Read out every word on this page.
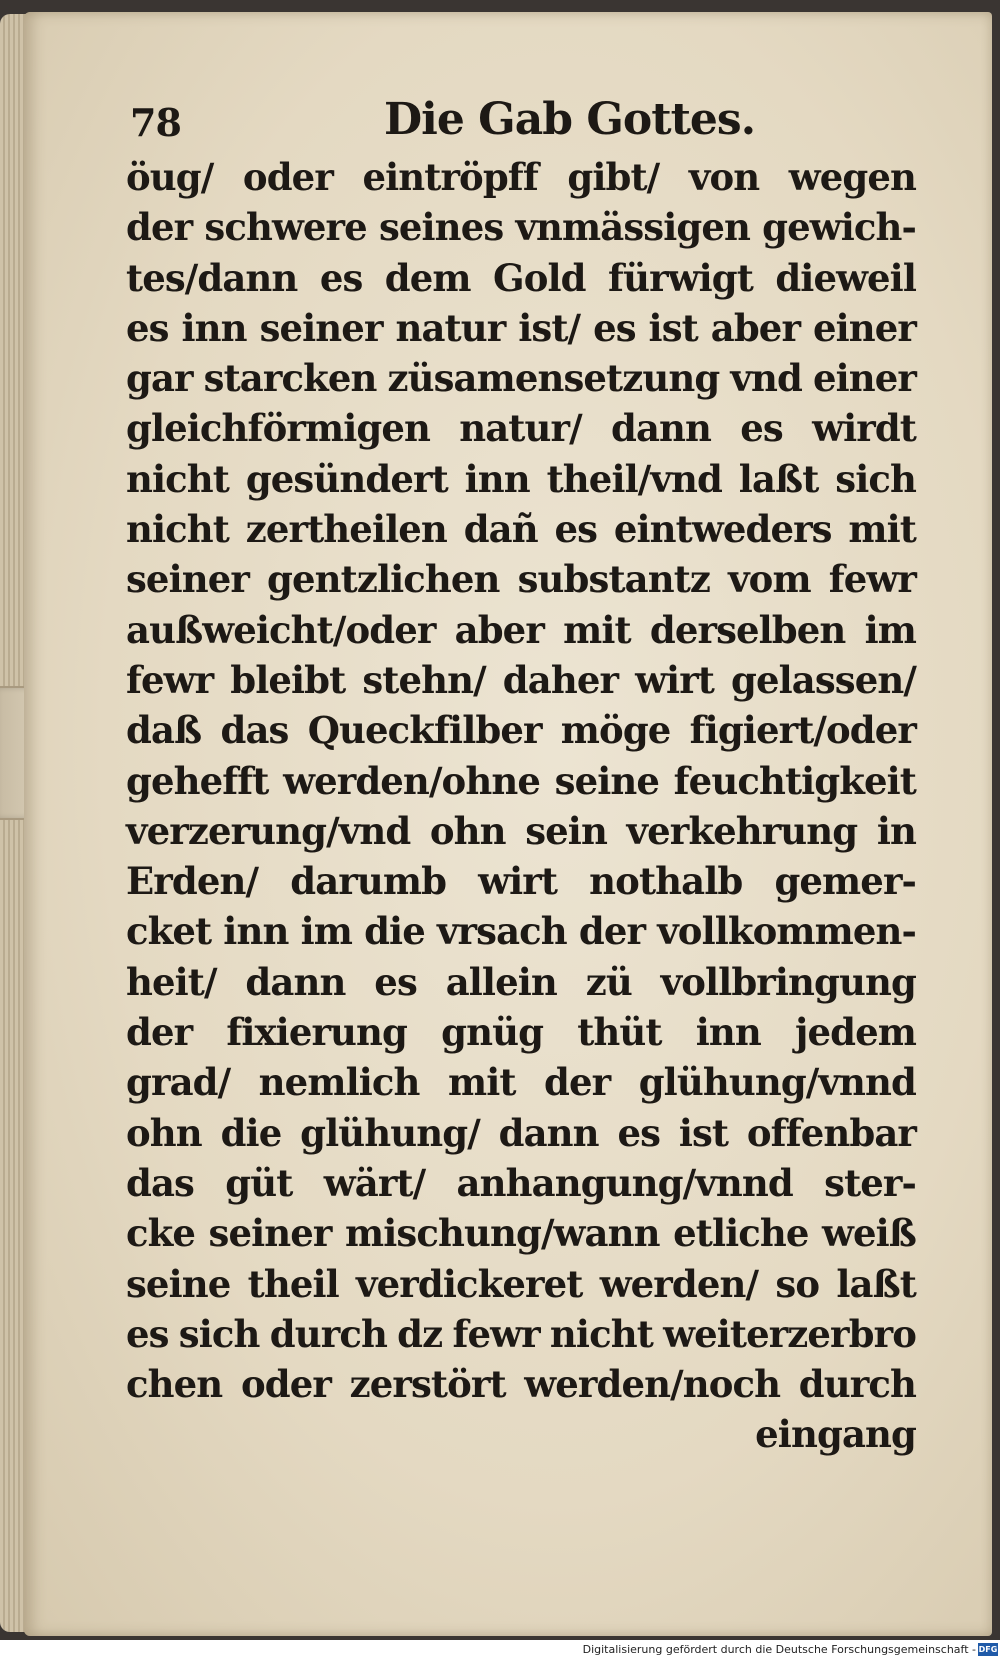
78	Die Gab Gottes.
öug/ oder eintröpff gibt/ von wegen
der schwere seines vnmässigen gewich-
tes/dann es dem Gold fürwigt dieweil
es inn seiner natur ist/ es ist aber einer
gar starcken züsamensetzung vnd einer
gleichförmigen natur/ dann es wirdt
nicht gesündert inn theil/vnd laßt sich
nicht zertheilen dañ es eintweders mit
seiner gentzlichen substantz vom fewr
außweicht/oder aber mit derselben im
fewr bleibt stehn/ daher wirt gelassen/
daß das Queckfilber möge figiert/oder
gehefft werden/ohne seine feuchtigkeit
verzerung/vnd ohn sein verkehrung in
Erden/ darumb wirt nothalb gemer-
cket inn im die vrsach der vollkommen-
heit/ dann es allein zü vollbringung
der fixierung gnüg thüt inn jedem
grad/ nemlich mit der glühung/vnnd
ohn die glühung/ dann es ist offenbar
das güt wärt/ anhangung/vnnd ster-
cke seiner mischung/wann etliche weiß
seine theil verdickeret werden/ so laßt
es sich durch dz fewr nicht weiterzerbro
chen oder zerstört werden/noch durch
eingang
Digitalisierung gefördert durch die Deutsche Forschungsgemeinschaft - DFG
